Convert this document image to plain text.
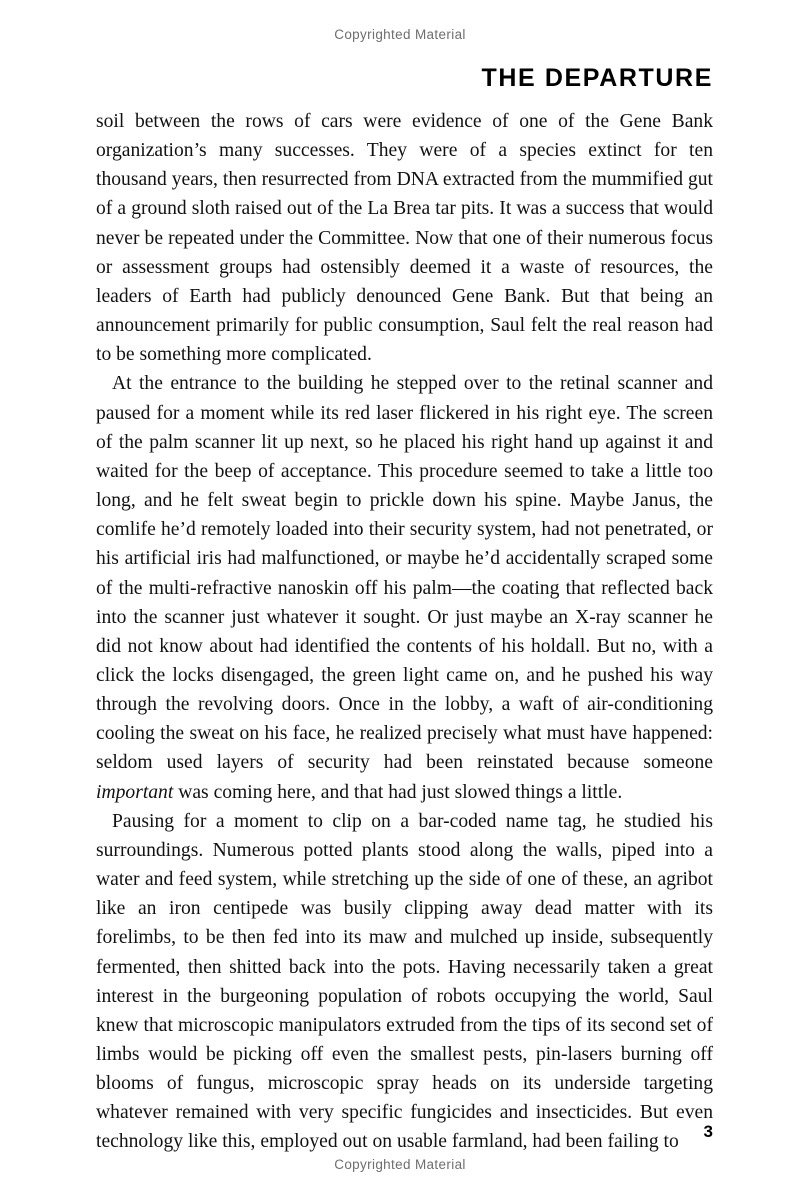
Copyrighted Material
THE DEPARTURE

soil between the rows of cars were evidence of one of the Gene Bank organization’s many successes. They were of a species extinct for ten thousand years, then resurrected from DNA extracted from the mummified gut of a ground sloth raised out of the La Brea tar pits. It was a success that would never be repeated under the Committee. Now that one of their numerous focus or assessment groups had ostensibly deemed it a waste of resources, the leaders of Earth had publicly denounced Gene Bank. But that being an announcement primarily for public consumption, Saul felt the real reason had to be something more complicated.

At the entrance to the building he stepped over to the retinal scanner and paused for a moment while its red laser flickered in his right eye. The screen of the palm scanner lit up next, so he placed his right hand up against it and waited for the beep of acceptance. This procedure seemed to take a little too long, and he felt sweat begin to prickle down his spine. Maybe Janus, the comlife he’d remotely loaded into their security system, had not penetrated, or his artificial iris had malfunctioned, or maybe he’d accidentally scraped some of the multi-refractive nanoskin off his palm—the coating that reflected back into the scanner just whatever it sought. Or just maybe an X-ray scanner he did not know about had identified the contents of his holdall. But no, with a click the locks disengaged, the green light came on, and he pushed his way through the revolving doors. Once in the lobby, a waft of air-conditioning cooling the sweat on his face, he realized precisely what must have happened: seldom used layers of security had been reinstated because someone important was coming here, and that had just slowed things a little.

Pausing for a moment to clip on a bar-coded name tag, he studied his surroundings. Numerous potted plants stood along the walls, piped into a water and feed system, while stretching up the side of one of these, an agribot like an iron centipede was busily clipping away dead matter with its forelimbs, to be then fed into its maw and mulched up inside, subsequently fermented, then shitted back into the pots. Having necessarily taken a great interest in the burgeoning population of robots occupying the world, Saul knew that microscopic manipulators extruded from the tips of its second set of limbs would be picking off even the smallest pests, pin-lasers burning off blooms of fungus, microscopic spray heads on its underside targeting whatever remained with very specific fungicides and insecticides. But even technology like this, employed out on usable farmland, had been failing to	3
Copyrighted Material
